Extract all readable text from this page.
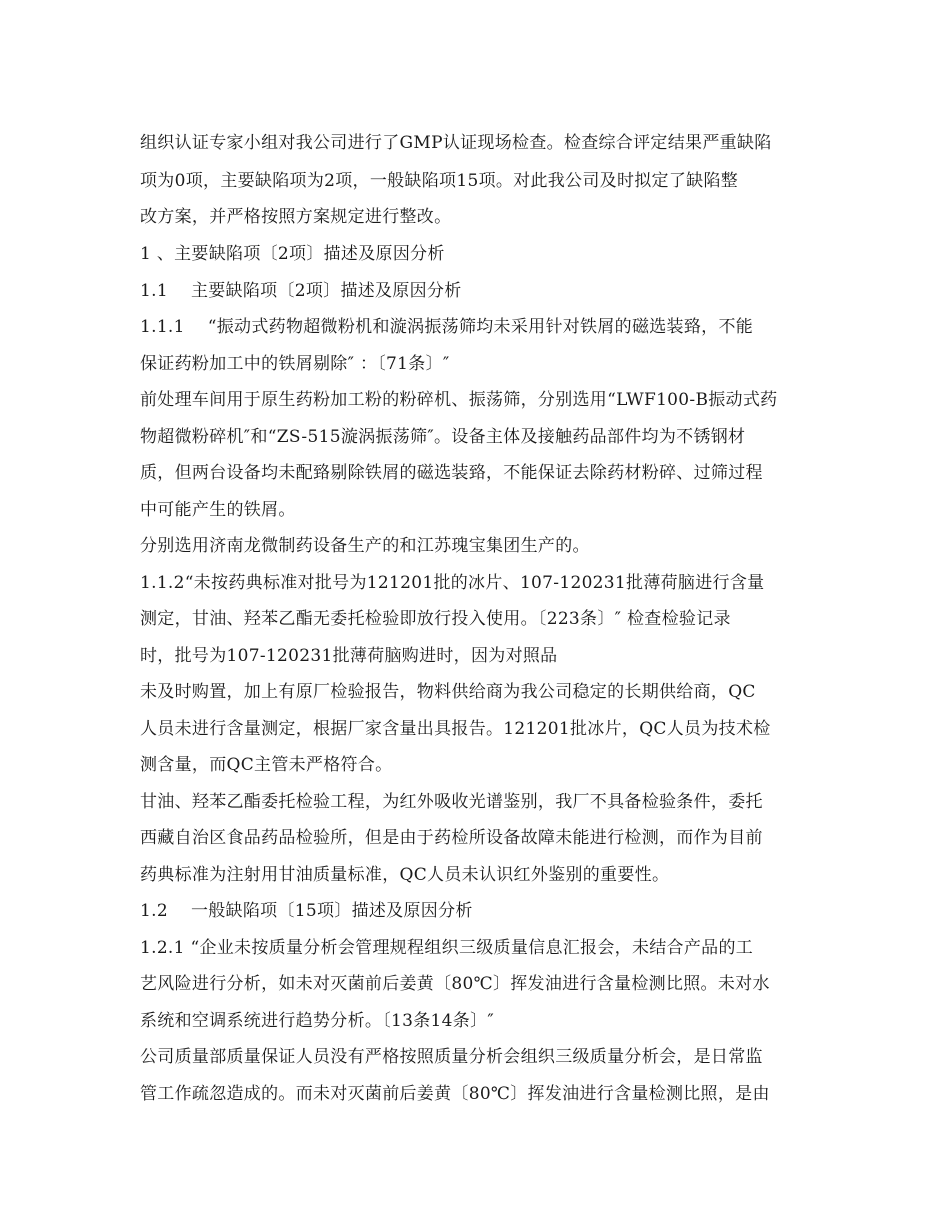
组织认证专家小组对我公司进行了GMP认证现场检查。检查综合评定结果严重缺陷
项为0项，主要缺陷项为2项，一般缺陷项15项。对此我公司及时拟定了缺陷整
改方案，并严格按照方案规定进行整改。
1 、主要缺陷项〔2项〕描述及原因分析
1.1　 主要缺陷项〔2项〕描述及原因分析
1.1.1　 “振动式药物超微粉机和漩涡振荡筛均未采用针对铁屑的磁选装臵，不能
保证药粉加工中的铁屑剔除″ ：〔71条〕″
前处理车间用于原生药粉加工粉的粉碎机、振荡筛，分别选用“LWF100-B振动式药
物超微粉碎机″和“ZS-515漩涡振荡筛″。设备主体及接触药品部件均为不锈钢材
质，但两台设备均未配臵剔除铁屑的磁选装臵，不能保证去除药材粉碎、过筛过程
中可能产生的铁屑。
分别选用济南龙微制药设备生产的和江苏瑰宝集团生产的。
1.1.2“未按药典标准对批号为121201批的冰片、107-120231批薄荷脑进行含量
测定，甘油、羟苯乙酯无委托检验即放行投入使用。〔223条〕″ 检查检验记录
时，批号为107-120231批薄荷脑购进时，因为对照品
未及时购置，加上有原厂检验报告，物料供给商为我公司稳定的长期供给商，QC
人员未进行含量测定，根据厂家含量出具报告。121201批冰片，QC人员为技术检
测含量，而QC主管未严格符合。
甘油、羟苯乙酯委托检验工程，为红外吸收光谱鉴别，我厂不具备检验条件，委托
西藏自治区食品药品检验所，但是由于药检所设备故障未能进行检测，而作为目前
药典标准为注射用甘油质量标准，QC人员未认识红外鉴别的重要性。
1.2　 一般缺陷项〔15项〕描述及原因分析
1.2.1 “企业未按质量分析会管理规程组织三级质量信息汇报会，未结合产品的工
艺风险进行分析，如未对灭菌前后姜黄〔80℃〕挥发油进行含量检测比照。未对水
系统和空调系统进行趋势分析。〔13条14条〕″
公司质量部质量保证人员没有严格按照质量分析会组织三级质量分析会，是日常监
管工作疏忽造成的。而未对灭菌前后姜黄〔80℃〕挥发油进行含量检测比照，是由
